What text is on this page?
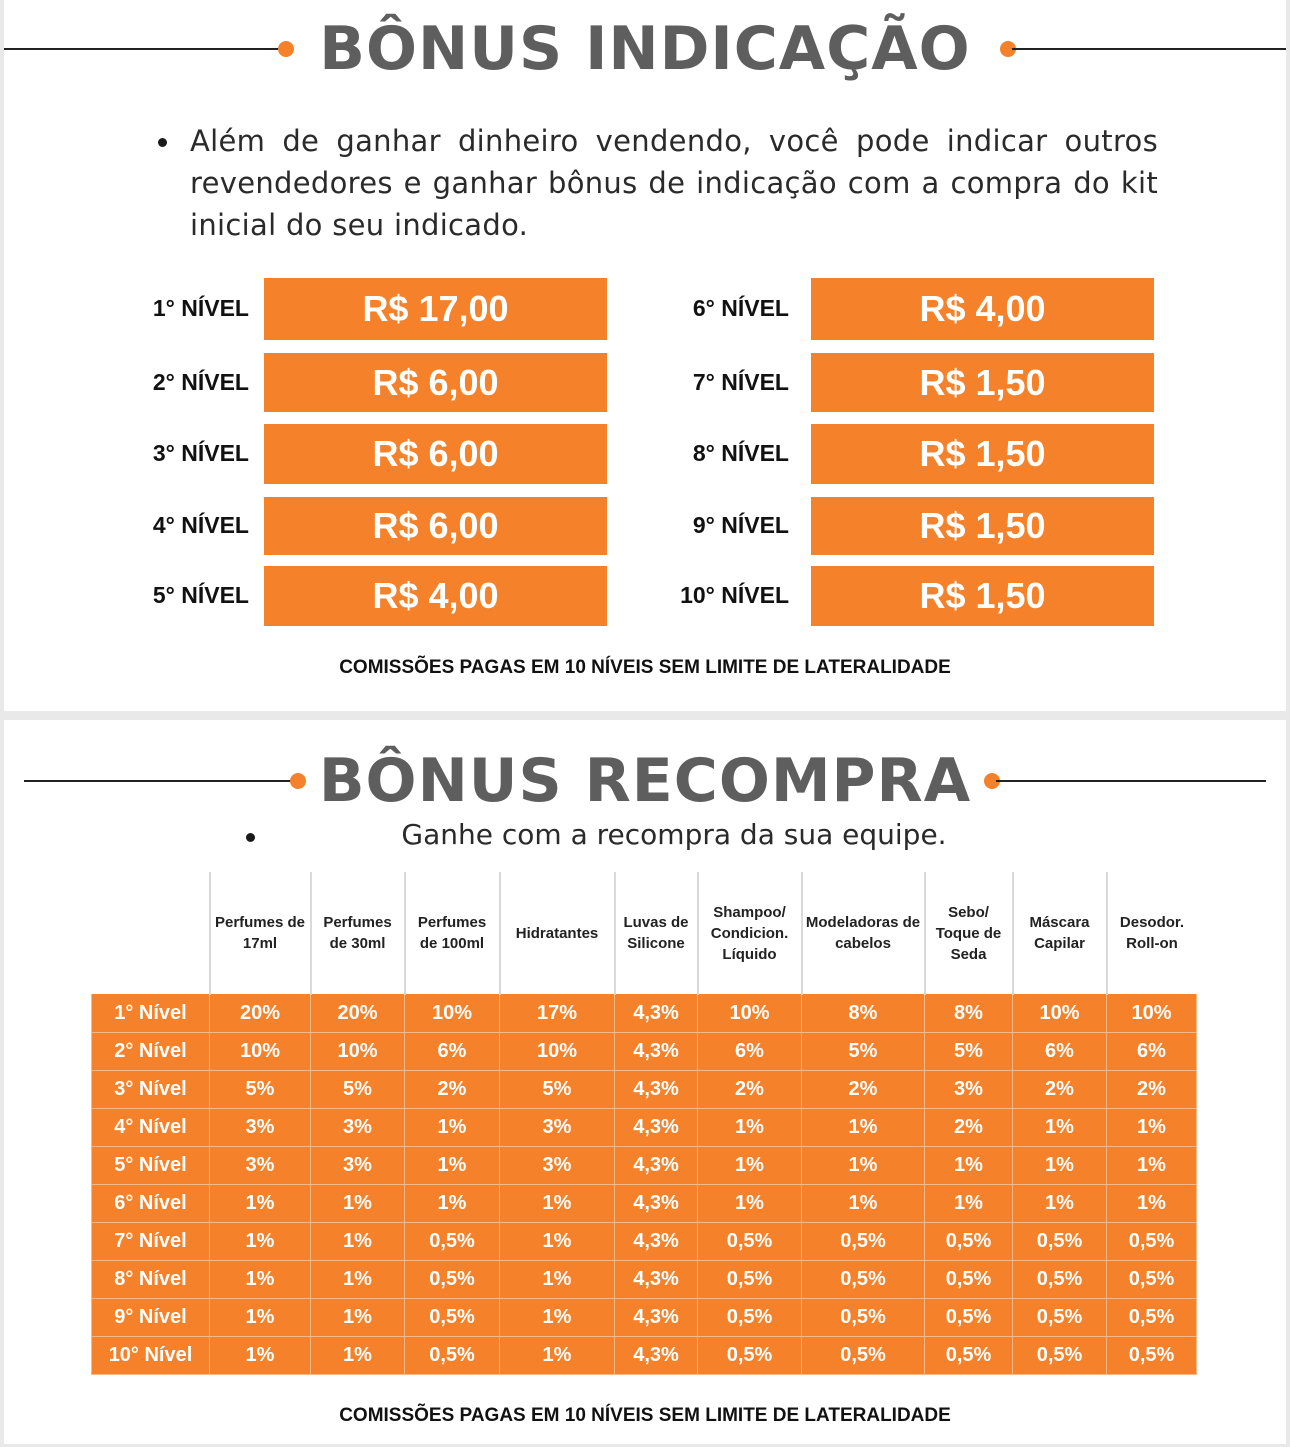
BÔNUS INDICAÇÃO
Além de ganhar dinheiro vendendo, você pode indicar outros revendedores e ganhar bônus de indicação com a compra do kit inicial do seu indicado.
1° NÍVEL	R$ 17,00
2° NÍVEL	R$ 6,00
3° NÍVEL	R$ 6,00
4° NÍVEL	R$ 6,00
5° NÍVEL	R$ 4,00
6° NÍVEL	R$ 4,00
7° NÍVEL	R$ 1,50
8° NÍVEL	R$ 1,50
9° NÍVEL	R$ 1,50
10° NÍVEL	R$ 1,50
COMISSÕES PAGAS EM 10 NÍVEIS SEM LIMITE DE LATERALIDADE
BÔNUS RECOMPRA
Ganhe com a recompra da sua equipe.
	Perfumes de 17ml	Perfumes de 30ml	Perfumes de 100ml	Hidratantes	Luvas de Silicone	Shampoo/ Condicion. Líquido	Modeladoras de cabelos	Sebo/ Toque de Seda	Máscara Capilar	Desodor. Roll-on
1° Nível	20%	20%	10%	17%	4,3%	10%	8%	8%	10%	10%
2° Nível	10%	10%	6%	10%	4,3%	6%	5%	5%	6%	6%
3° Nível	5%	5%	2%	5%	4,3%	2%	2%	3%	2%	2%
4° Nível	3%	3%	1%	3%	4,3%	1%	1%	2%	1%	1%
5° Nível	3%	3%	1%	3%	4,3%	1%	1%	1%	1%	1%
6° Nível	1%	1%	1%	1%	4,3%	1%	1%	1%	1%	1%
7° Nível	1%	1%	0,5%	1%	4,3%	0,5%	0,5%	0,5%	0,5%	0,5%
8° Nível	1%	1%	0,5%	1%	4,3%	0,5%	0,5%	0,5%	0,5%	0,5%
9° Nível	1%	1%	0,5%	1%	4,3%	0,5%	0,5%	0,5%	0,5%	0,5%
10° Nível	1%	1%	0,5%	1%	4,3%	0,5%	0,5%	0,5%	0,5%	0,5%
COMISSÕES PAGAS EM 10 NÍVEIS SEM LIMITE DE LATERALIDADE
